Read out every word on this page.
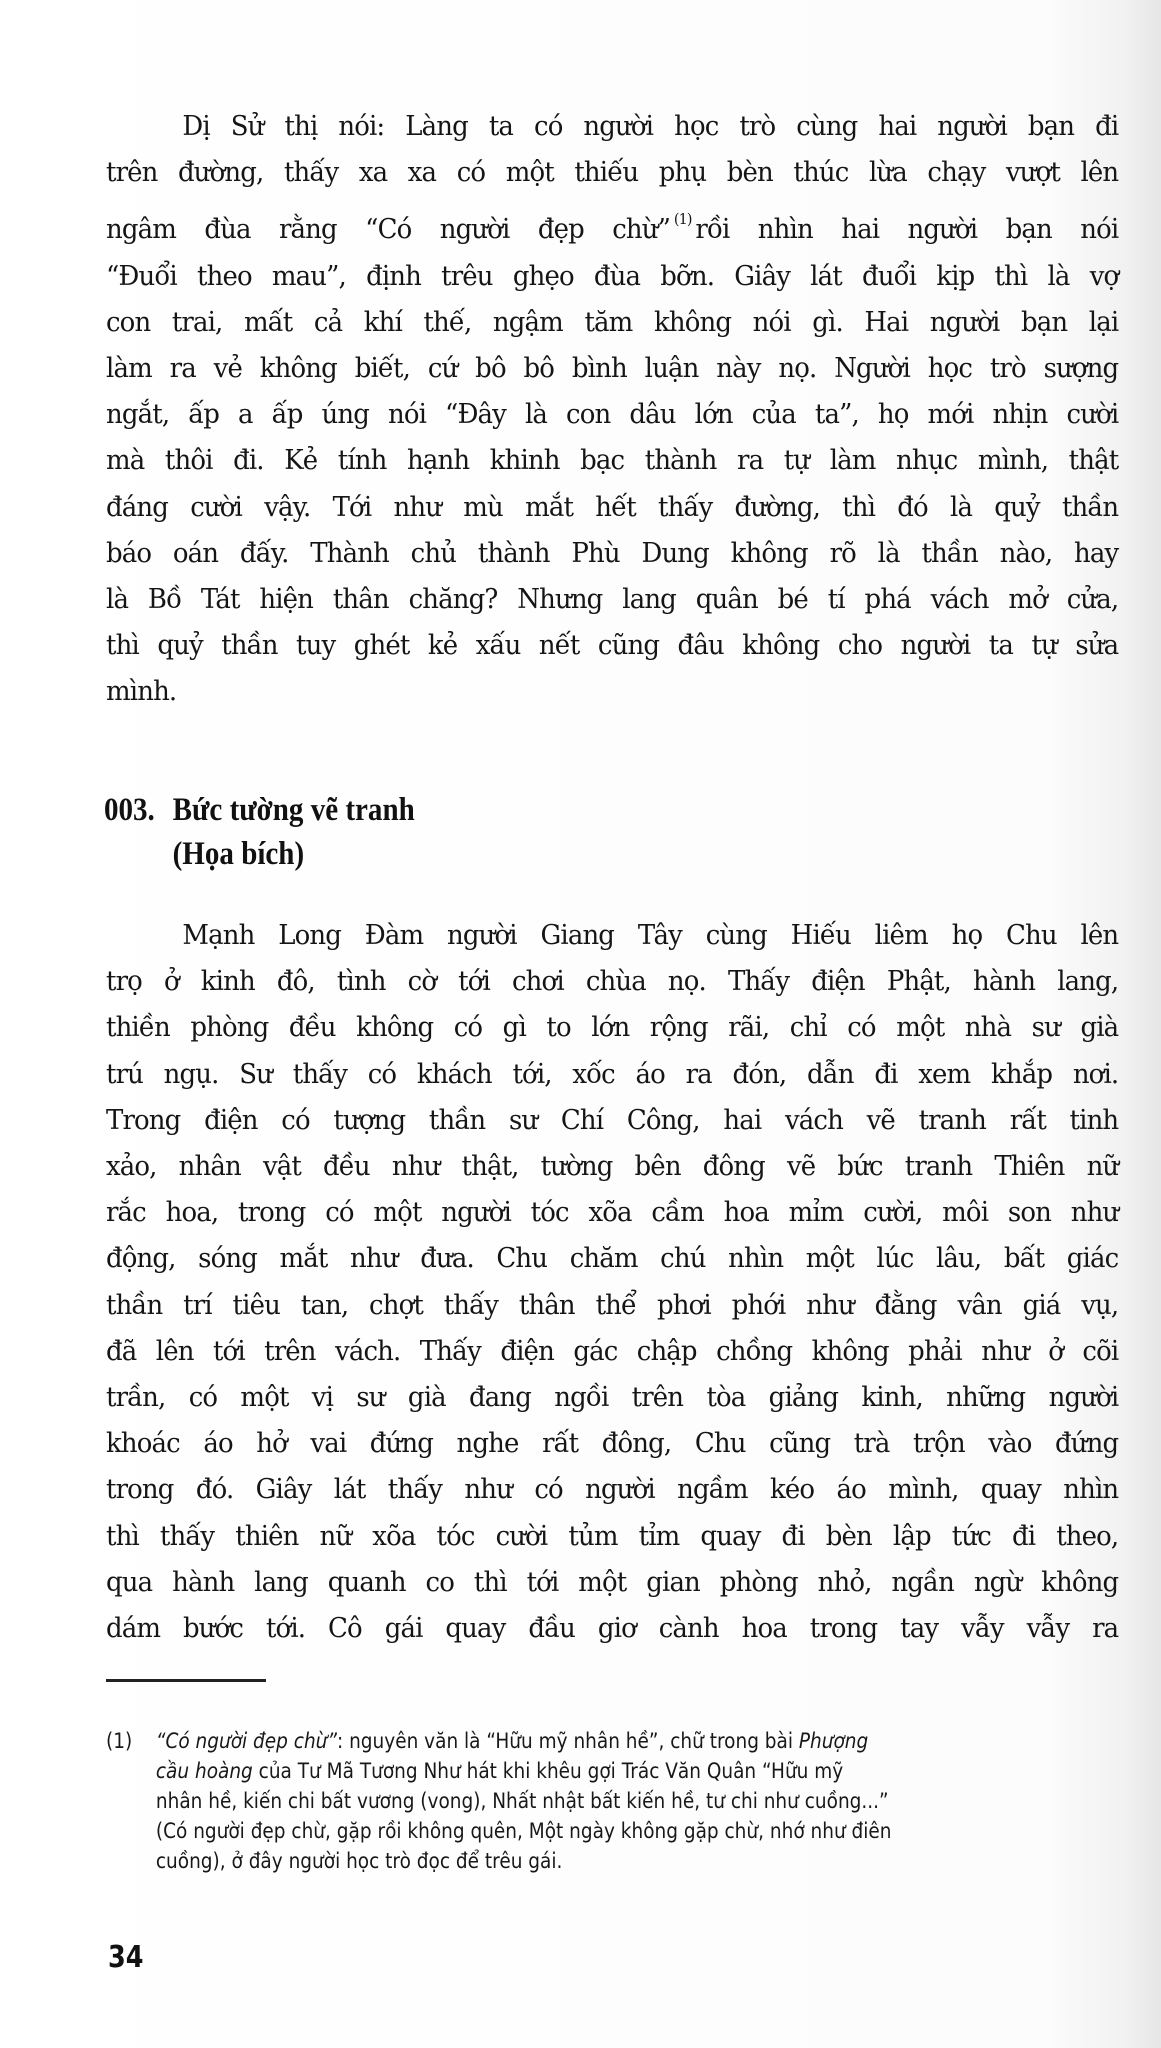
Dị Sử thị nói: Làng ta có người học trò cùng hai người bạn đi
trên đường, thấy xa xa có một thiếu phụ bèn thúc lừa chạy vượt lên
ngâm đùa rằng “Có người đẹp chừ” $^{(1)}$ rồi nhìn hai người bạn nói
“Đuổi theo mau”, định trêu ghẹo đùa bỡn. Giây lát đuổi kịp thì là vợ
con trai, mất cả khí thế, ngậm tăm không nói gì. Hai người bạn lại
làm ra vẻ không biết, cứ bô bô bình luận này nọ. Người học trò sượng
ngắt, ấp a ấp úng nói “Đây là con dâu lớn của ta”, họ mới nhịn cười
mà thôi đi. Kẻ tính hạnh khinh bạc thành ra tự làm nhục mình, thật
đáng cười vậy. Tới như mù mắt hết thấy đường, thì đó là quỷ thần
báo oán đấy. Thành chủ thành Phù Dung không rõ là thần nào, hay
là Bồ Tát hiện thân chăng? Nhưng lang quân bé tí phá vách mở cửa,
thì quỷ thần tuy ghét kẻ xấu nết cũng đâu không cho người ta tự sửa
mình.
003. Bức tường vẽ tranh
(Họa bích)
Mạnh Long Đàm người Giang Tây cùng Hiếu liêm họ Chu lên
trọ ở kinh đô, tình cờ tới chơi chùa nọ. Thấy điện Phật, hành lang,
thiền phòng đều không có gì to lớn rộng rãi, chỉ có một nhà sư già
trú ngụ. Sư thấy có khách tới, xốc áo ra đón, dẫn đi xem khắp nơi.
Trong điện có tượng thần sư Chí Công, hai vách vẽ tranh rất tinh
xảo, nhân vật đều như thật, tường bên đông vẽ bức tranh Thiên nữ
rắc hoa, trong có một người tóc xõa cầm hoa mỉm cười, môi son như
động, sóng mắt như đưa. Chu chăm chú nhìn một lúc lâu, bất giác
thần trí tiêu tan, chợt thấy thân thể phơi phới như đằng vân giá vụ,
đã lên tới trên vách. Thấy điện gác chập chồng không phải như ở cõi
trần, có một vị sư già đang ngồi trên tòa giảng kinh, những người
khoác áo hở vai đứng nghe rất đông, Chu cũng trà trộn vào đứng
trong đó. Giây lát thấy như có người ngầm kéo áo mình, quay nhìn
thì thấy thiên nữ xõa tóc cười tủm tỉm quay đi bèn lập tức đi theo,
qua hành lang quanh co thì tới một gian phòng nhỏ, ngần ngừ không
dám bước tới. Cô gái quay đầu giơ cành hoa trong tay vẫy vẫy ra
(1) “Có người đẹp chừ”: nguyên văn là “Hữu mỹ nhân hề”, chữ trong bài Phượng
cầu hoàng của Tư Mã Tương Như hát khi khêu gợi Trác Văn Quân “Hữu mỹ
nhân hề, kiến chi bất vương (vong), Nhất nhật bất kiến hề, tư chi như cuồng...”
(Có người đẹp chừ, gặp rồi không quên, Một ngày không gặp chừ, nhớ như điên
cuồng), ở đây người học trò đọc để trêu gái.
34
